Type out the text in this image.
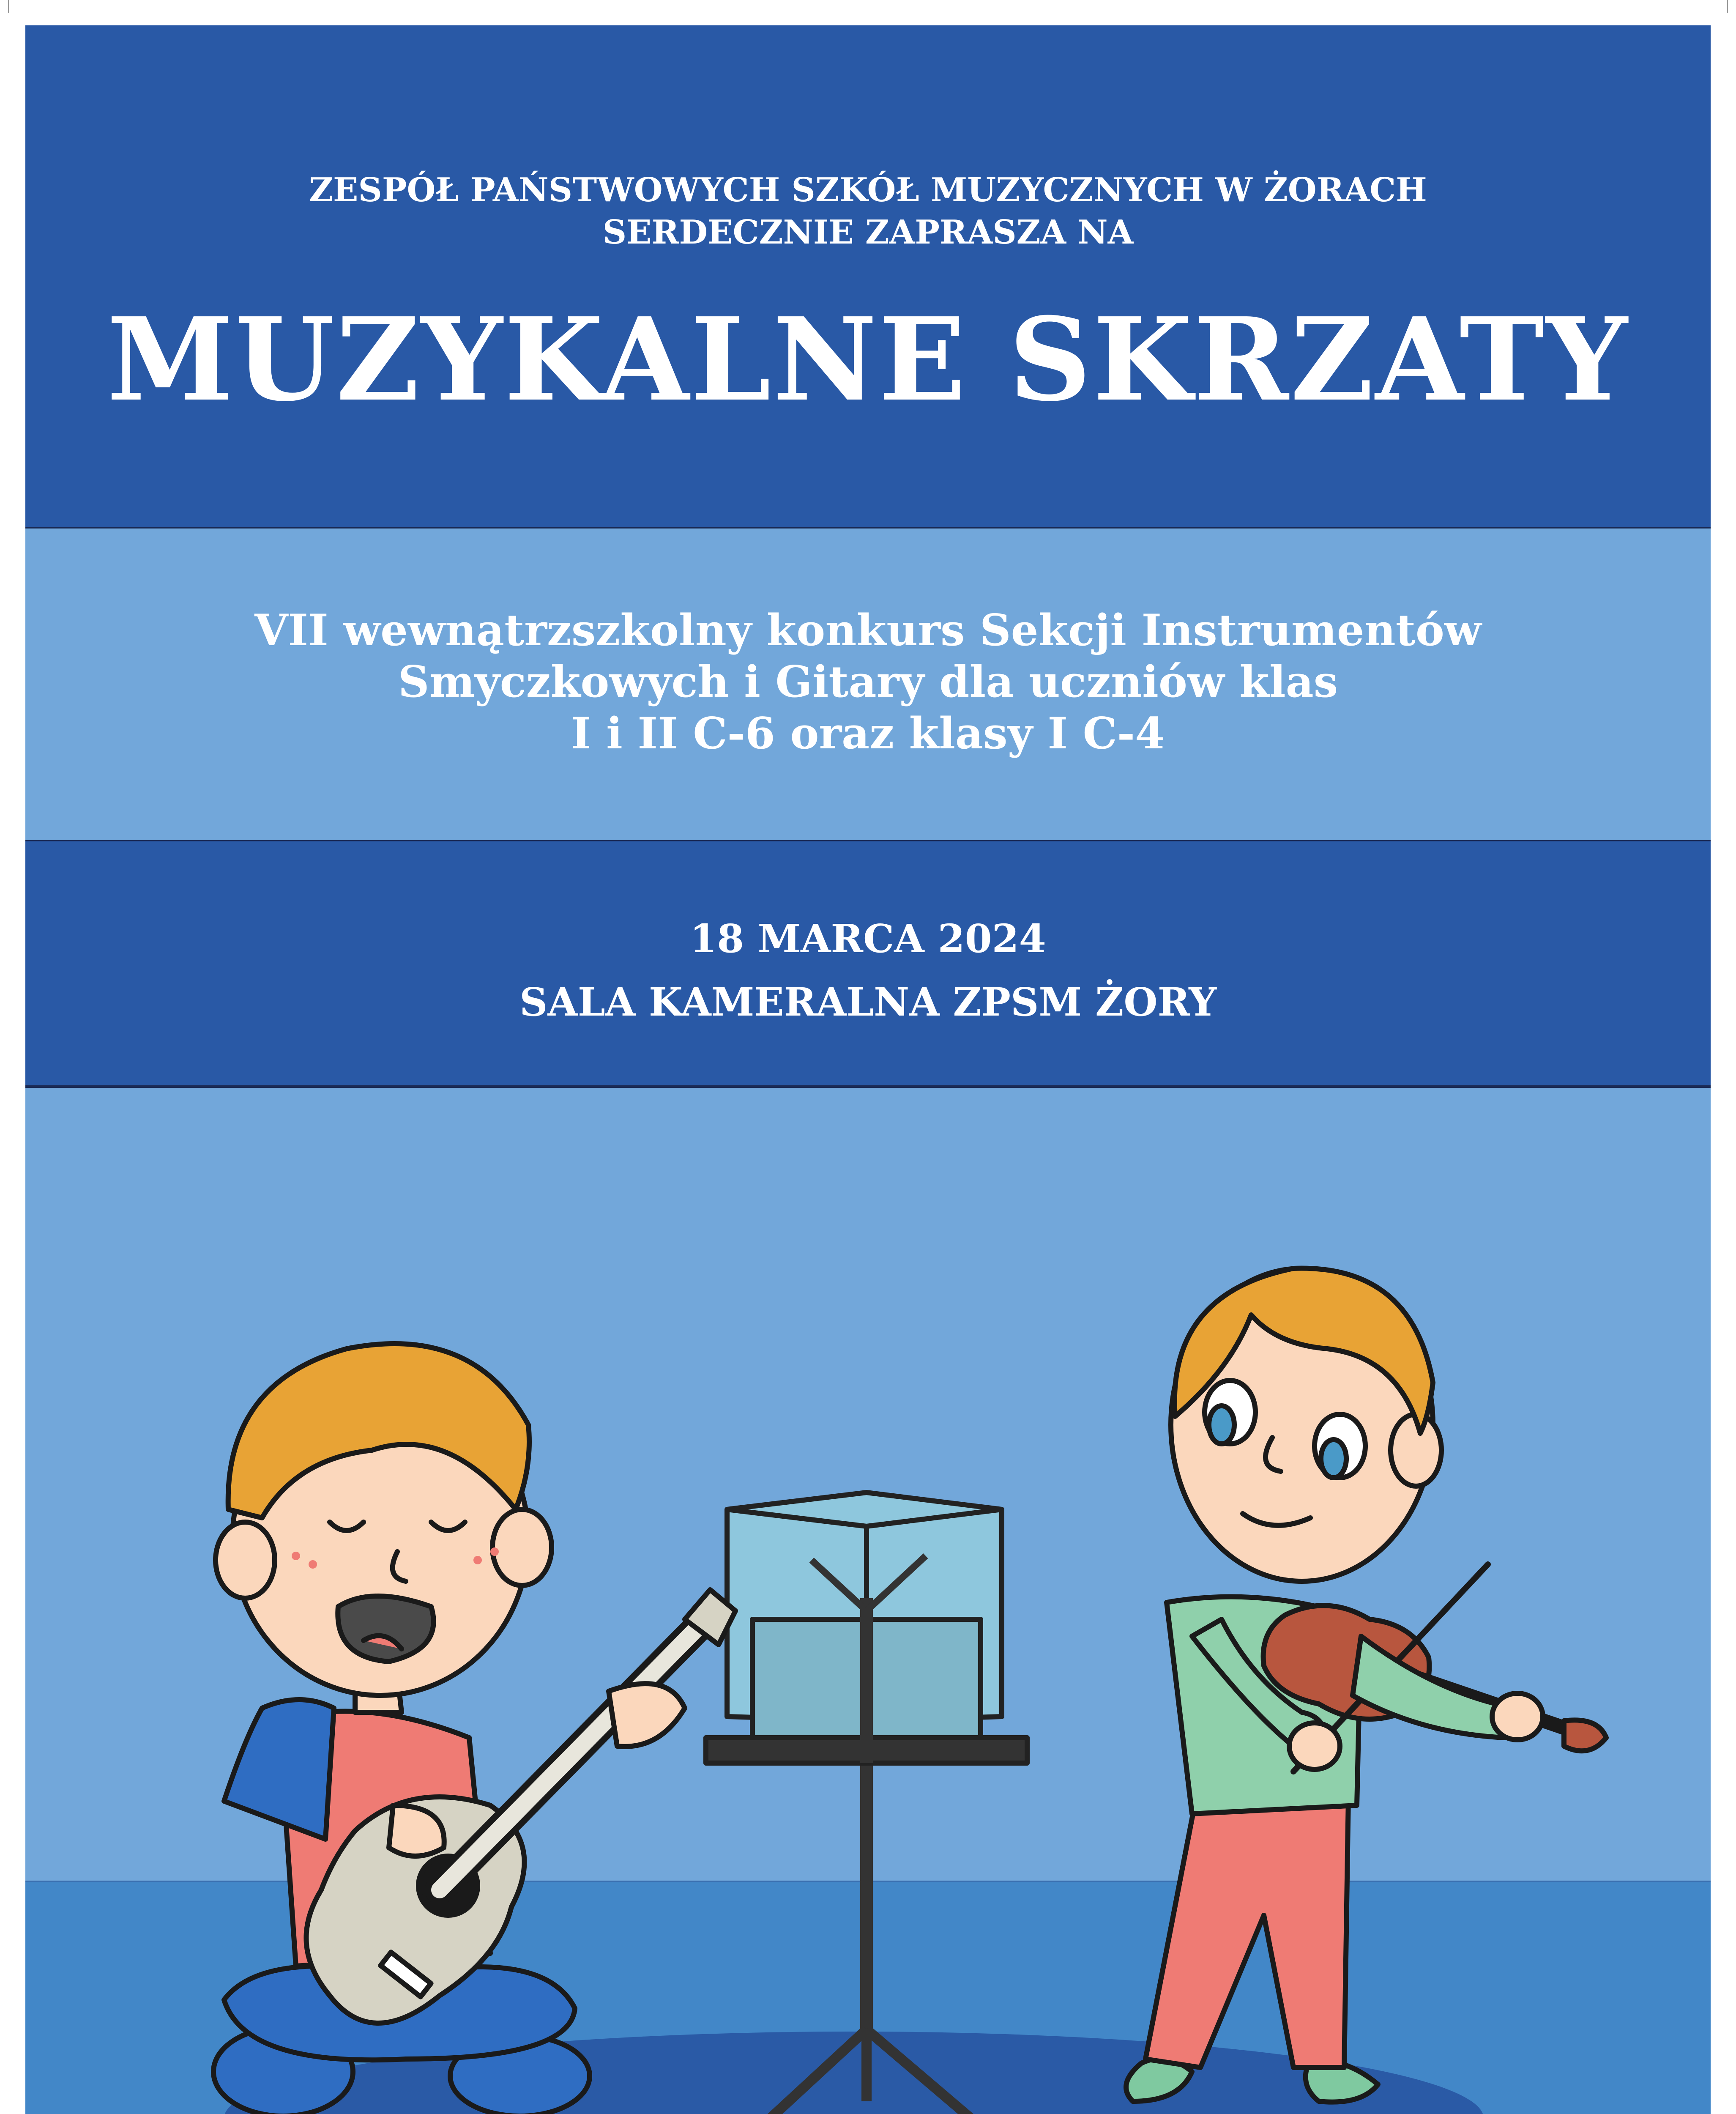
ZESPÓŁ PAŃSTWOWYCH SZKÓŁ MUZYCZNYCH W ŻORACH
SERDECZNIE ZAPRASZA NA
MUZYKALNE SKRZATY
VII wewnątrzszkolny konkurs Sekcji Instrumentów
Smyczkowych i Gitary dla uczniów klas
I i II C-6 oraz klasy I C-4
18 MARCA 2024
SALA KAMERALNA ZPSM ŻORY
